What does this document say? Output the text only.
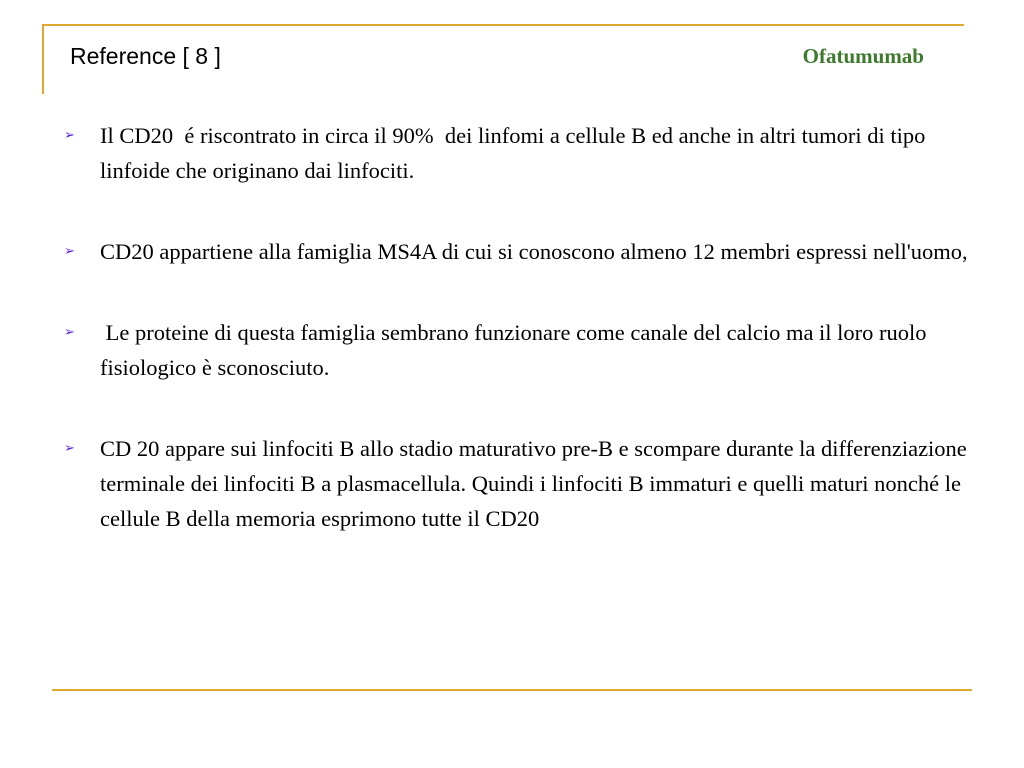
Reference [ 8 ]	Ofatumumab
➢ Il CD20  é riscontrato in circa il 90%  dei linfomi a cellule B ed anche in altri tumori di tipo linfoide che originano dai linfociti.
➢ CD20 appartiene alla famiglia MS4A di cui si conoscono almeno 12 membri espressi nell'uomo,
➢ Le proteine di questa famiglia sembrano funzionare come canale del calcio ma il loro ruolo fisiologico è sconosciuto.
➢ CD 20 appare sui linfociti B allo stadio maturativo pre-B e scompare durante la differenziazione terminale dei linfociti B a plasmacellula. Quindi i linfociti B immaturi e quelli maturi nonché le cellule B della memoria esprimono tutte il CD20
